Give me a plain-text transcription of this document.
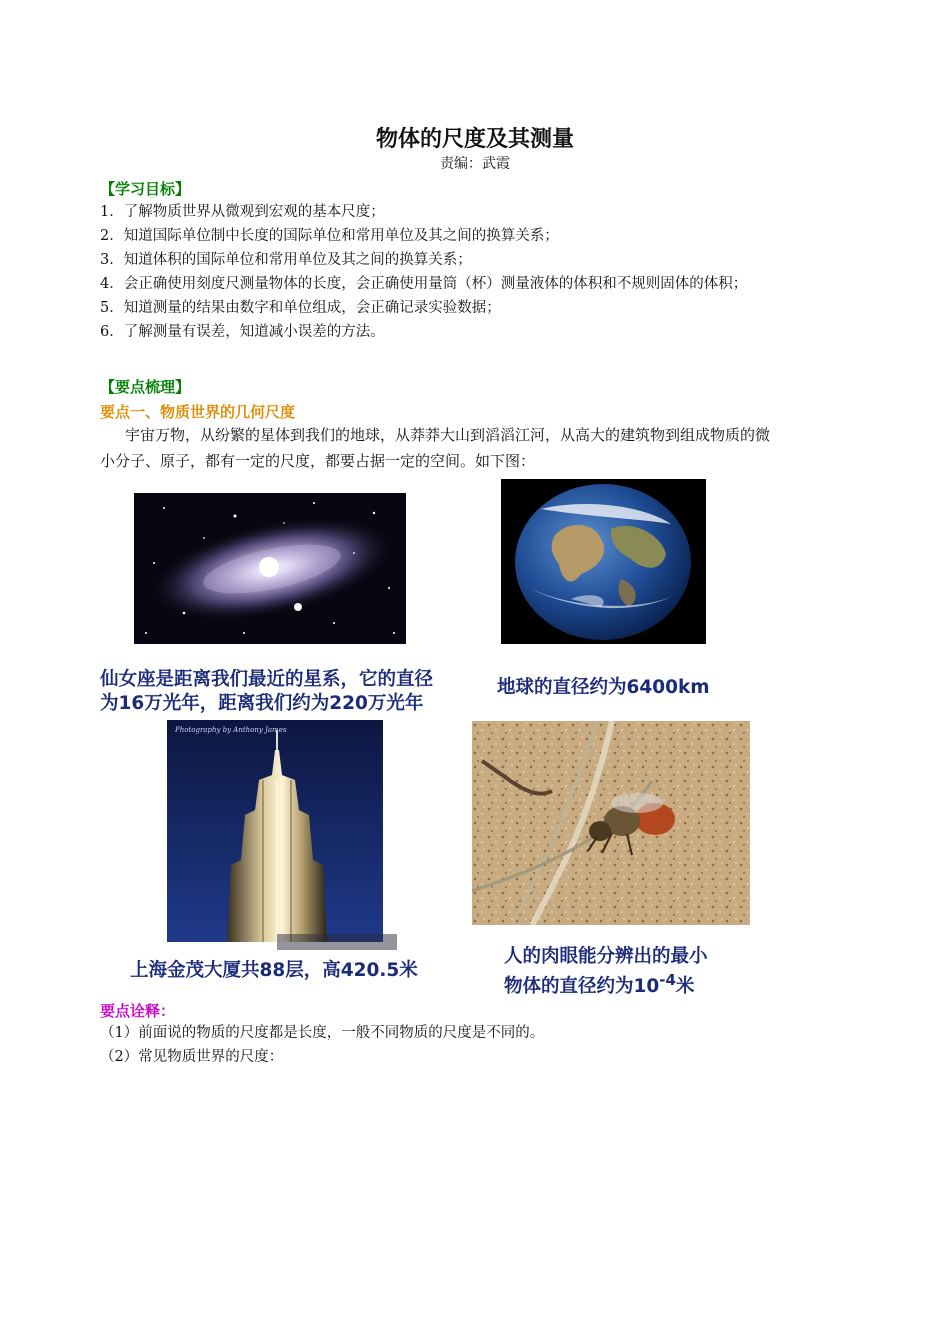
物体的尺度及其测量
责编：武霞
【学习目标】
1．了解物质世界从微观到宏观的基本尺度；
2．知道国际单位制中长度的国际单位和常用单位及其之间的换算关系；
3．知道体积的国际单位和常用单位及其之间的换算关系；
4．会正确使用刻度尺测量物体的长度，会正确使用量筒（杯）测量液体的体积和不规则固体的体积；
5．知道测量的结果由数字和单位组成，会正确记录实验数据；
6．了解测量有误差，知道减小误差的方法。
【要点梳理】
要点一、物质世界的几何尺度
宇宙万物，从纷繁的星体到我们的地球，从莽莽大山到滔滔江河，从高大的建筑物到组成物质的微
小分子、原子，都有一定的尺度，都要占据一定的空间。如下图：
仙女座是距离我们最近的星系，它的直径
为16万光年，距离我们约为220万光年
地球的直径约为6400km
Photography by Anthony James
上海金茂大厦共88层，高420.5米
人的肉眼能分辨出的最小
物体的直径约为$10^{-4}$米
要点诠释：
（1）前面说的物质的尺度都是长度，一般不同物质的尺度是不同的。
（2）常见物质世界的尺度：
